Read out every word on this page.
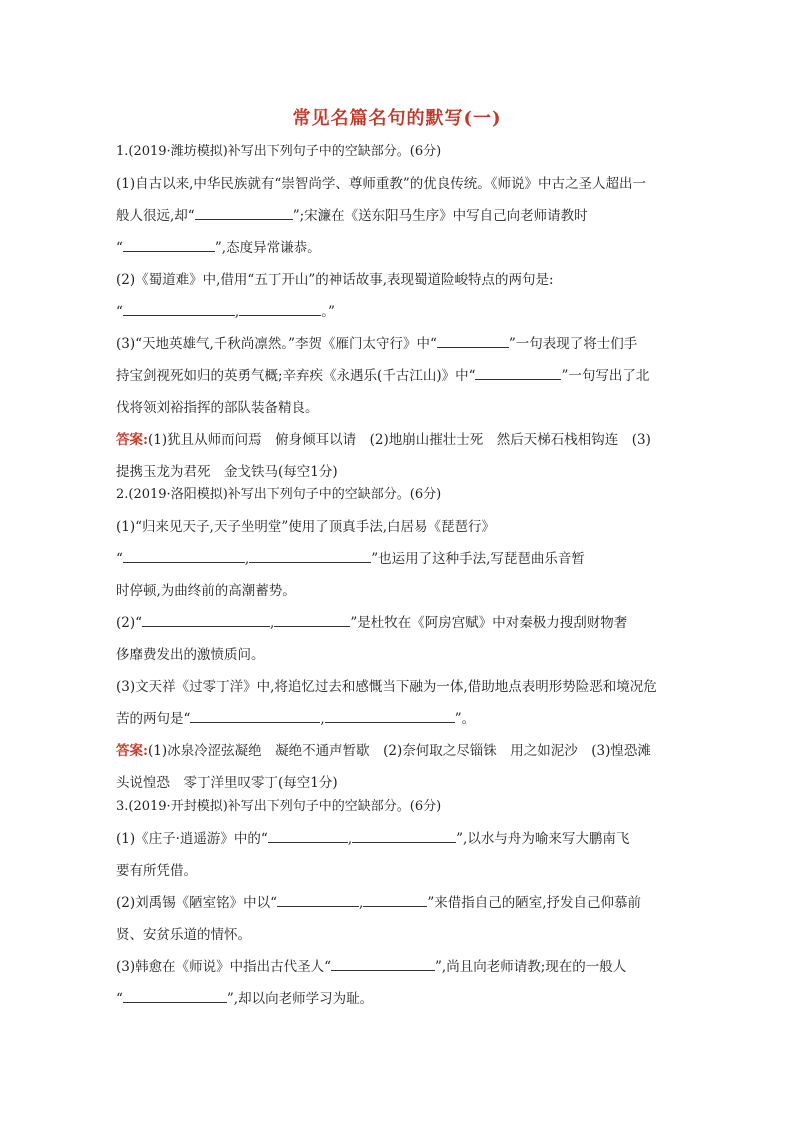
常见名篇名句的默写(一)
1.(2019·潍坊模拟)补写出下列句子中的空缺部分。(6分)
(1)自古以来,中华民族就有“崇智尚学、尊师重教”的优良传统。《师说》中古之圣人超出一
般人很远,却“	”;宋濂在《送东阳马生序》中写自己向老师请教时
“	”,态度异常谦恭。
(2)《蜀道难》中,借用“五丁开山”的神话故事,表现蜀道险峻特点的两句是:
“	,	。”
(3)“天地英雄气,千秋尚凛然。”李贺《雁门太守行》中“	”一句表现了将士们手
持宝剑视死如归的英勇气概;辛弃疾《永遇乐(千古江山)》中“	”一句写出了北
伐将领刘裕指挥的部队装备精良。
答案:(1)犹且从师而问焉　俯身倾耳以请　(2)地崩山摧壮士死　然后天梯石栈相钩连　(3)
提携玉龙为君死　金戈铁马(每空1分)
2.(2019·洛阳模拟)补写出下列句子中的空缺部分。(6分)
(1)“归来见天子,天子坐明堂”使用了顶真手法,白居易《琵琶行》
“	,	”也运用了这种手法,写琵琶曲乐音暂
时停顿,为曲终前的高潮蓄势。
(2)“	,	”是杜牧在《阿房宫赋》中对秦极力搜刮财物奢
侈靡费发出的激愤质问。
(3)文天祥《过零丁洋》中,将追忆过去和感慨当下融为一体,借助地点表明形势险恶和境况危
苦的两句是“	,	”。
答案:(1)冰泉冷涩弦凝绝　凝绝不通声暂歇　(2)奈何取之尽锱铢　用之如泥沙　(3)惶恐滩
头说惶恐　零丁洋里叹零丁(每空1分)
3.(2019·开封模拟)补写出下列句子中的空缺部分。(6分)
(1)《庄子·逍遥游》中的“	,	”,以水与舟为喻来写大鹏南飞
要有所凭借。
(2)刘禹锡《陋室铭》中以“	,	”来借指自己的陋室,抒发自己仰慕前
贤、安贫乐道的情怀。
(3)韩愈在《师说》中指出古代圣人“	”,尚且向老师请教;现在的一般人
“	”,却以向老师学习为耻。
